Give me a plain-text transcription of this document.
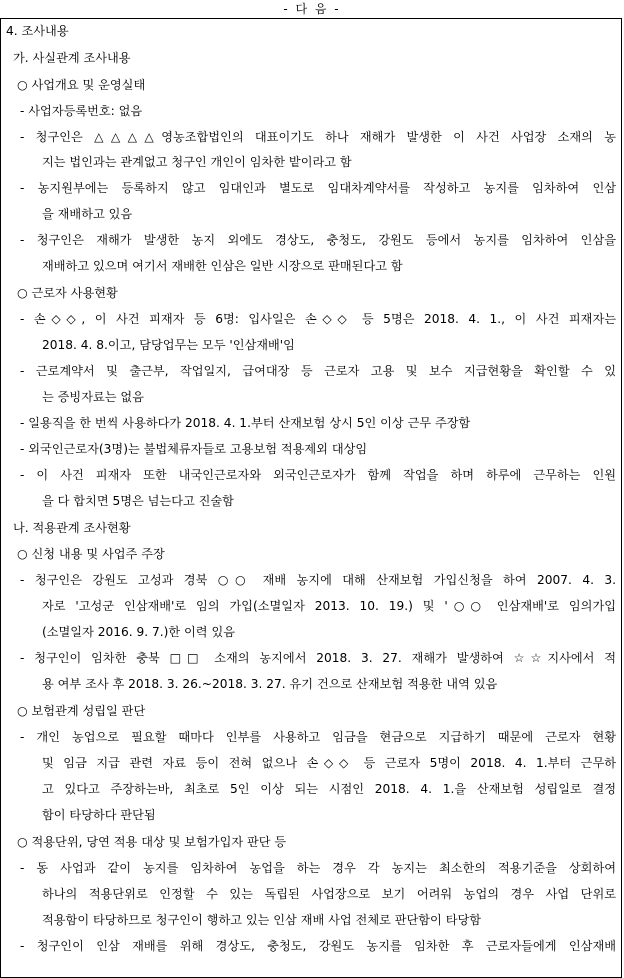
- 다 음 -
4. 조사내용
가. 사실관계 조사내용
○ 사업개요 및 운영실태
- 사업자등록번호: 없음
- 청구인은 △△△△영농조합법인의 대표이기도 하나 재해가 발생한 이 사건 사업장 소재의 농
지는 법인과는 관계없고 청구인 개인이 임차한 밭이라고 함
- 농지원부에는 등록하지 않고 임대인과 별도로 임대차계약서를 작성하고 농지를 임차하여 인삼
을 재배하고 있음
- 청구인은 재해가 발생한 농지 외에도 경상도, 충청도, 강원도 등에서 농지를 임차하여 인삼을
재배하고 있으며 여기서 재배한 인삼은 일반 시장으로 판매된다고 함
○ 근로자 사용현황
- 손◇◇, 이 사건 피재자 등 6명: 입사일은 손◇◇ 등 5명은 2018. 4. 1., 이 사건 피재자는
2018. 4. 8.이고, 담당업무는 모두 '인삼재배'임
- 근로계약서 및 출근부, 작업일지, 급여대장 등 근로자 고용 및 보수 지급현황을 확인할 수 있
는 증빙자료는 없음
- 일용직을 한 번씩 사용하다가 2018. 4. 1.부터 산재보험 상시 5인 이상 근무 주장함
- 외국인근로자(3명)는 불법체류자들로 고용보험 적용제외 대상임
- 이 사건 피재자 또한 내국인근로자와 외국인근로자가 함께 작업을 하며 하루에 근무하는 인원
을 다 합치면 5명은 넘는다고 진술함
나. 적용관계 조사현황
○ 신청 내용 및 사업주 주장
- 청구인은 강원도 고성과 경북 ○○ 재배 농지에 대해 산재보험 가입신청을 하여 2007. 4. 3.
자로 '고성군 인삼재배'로 임의 가입(소멸일자 2013. 10. 19.) 및 '○○ 인삼재배'로 임의가입
(소멸일자 2016. 9. 7.)한 이력 있음
- 청구인이 임차한 충북 □□ 소재의 농지에서 2018. 3. 27. 재해가 발생하여 ☆☆지사에서 적
용 여부 조사 후 2018. 3. 26.~2018. 3. 27. 유기 건으로 산재보험 적용한 내역 있음
○ 보험관계 성립일 판단
- 개인 농업으로 필요할 때마다 인부를 사용하고 임금을 현금으로 지급하기 때문에 근로자 현황
및 임금 지급 관련 자료 등이 전혀 없으나 손◇◇ 등 근로자 5명이 2018. 4. 1.부터 근무하
고 있다고 주장하는바, 최초로 5인 이상 되는 시점인 2018. 4. 1.을 산재보험 성립일로 결정
함이 타당하다 판단됨
○ 적용단위, 당연 적용 대상 및 보험가입자 판단 등
- 동 사업과 같이 농지를 임차하여 농업을 하는 경우 각 농지는 최소한의 적용기준을 상회하여
하나의 적용단위로 인정할 수 있는 독립된 사업장으로 보기 어려워 농업의 경우 사업 단위로
적용함이 타당하므로 청구인이 행하고 있는 인삼 재배 사업 전체로 판단함이 타당함
- 청구인이 인삼 재배를 위해 경상도, 충청도, 강원도 농지를 임차한 후 근로자들에게 인삼재배
